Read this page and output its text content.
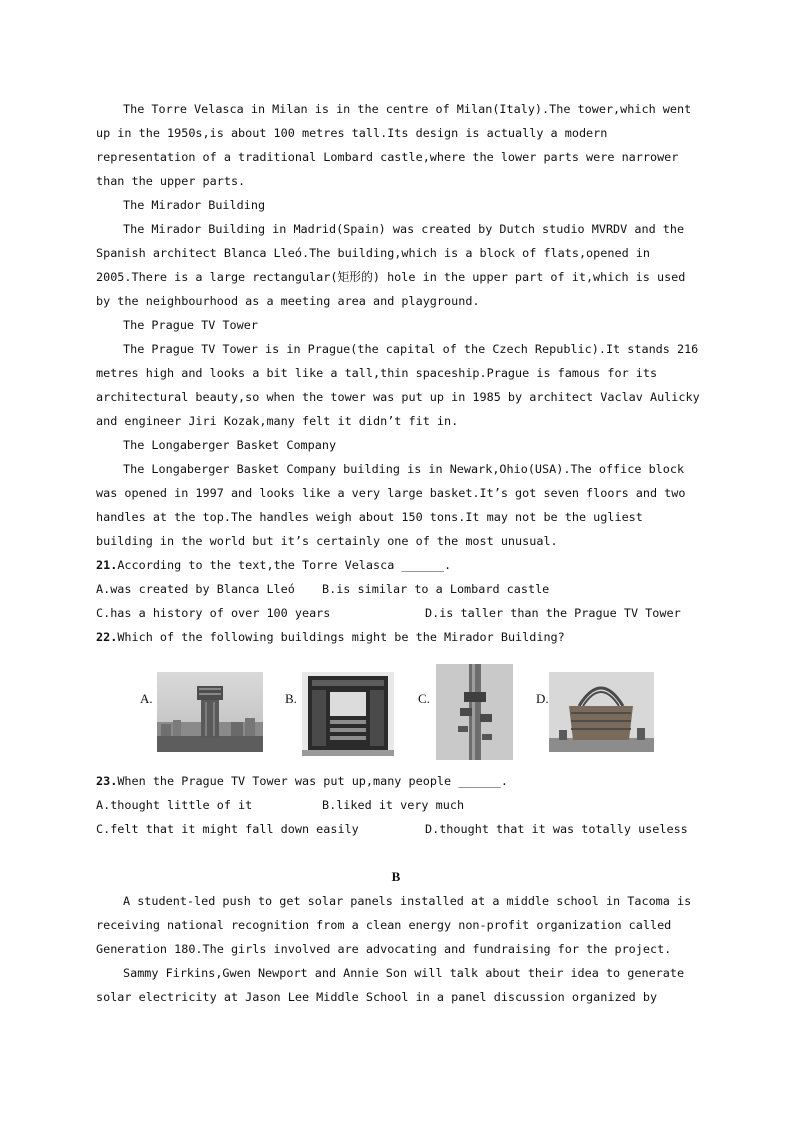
The Torre Velasca in Milan is in the centre of Milan(Italy).The tower,which went
up in the 1950s,is about 100 metres tall.Its design is actually a modern
representation of a traditional Lombard castle,where the lower parts were narrower
than the upper parts.
The Mirador Building
The Mirador Building in Madrid(Spain) was created by Dutch studio MVRDV and the
Spanish architect Blanca Lleó.The building,which is a block of flats,opened in
2005.There is a large rectangular(矩形的) hole in the upper part of it,which is used
by the neighbourhood as a meeting area and playground.
The Prague TV Tower
The Prague TV Tower is in Prague(the capital of the Czech Republic).It stands 216
metres high and looks a bit like a tall,thin spaceship.Prague is famous for its
architectural beauty,so when the tower was put up in 1985 by architect Vaclav Aulicky
and engineer Jiri Kozak,many felt it didn’t fit in.
The Longaberger Basket Company
The Longaberger Basket Company building is in Newark,Ohio(USA).The office block
was opened in 1997 and looks like a very large basket.It’s got seven floors and two
handles at the top.The handles weigh about 150 tons.It may not be the ugliest
building in the world but it’s certainly one of the most unusual.
21.According to the text,the Torre Velasca ______.
A.was created by Blanca Lleó B.is similar to a Lombard castle
C.has a history of over 100 years	D.is taller than the Prague TV Tower
22.Which of the following buildings might be the Mirador Building?
A.	B.	C.	D.
23.When the Prague TV Tower was put up,many people ______.
A.thought little of it	B.liked it very much
C.felt that it might fall down easily	D.thought that it was totally useless
B
A student-led push to get solar panels installed at a middle school in Tacoma is
receiving national recognition from a clean energy non-profit organization called
Generation 180.The girls involved are advocating and fundraising for the project.
Sammy Firkins,Gwen Newport and Annie Son will talk about their idea to generate
solar electricity at Jason Lee Middle School in a panel discussion organized by
